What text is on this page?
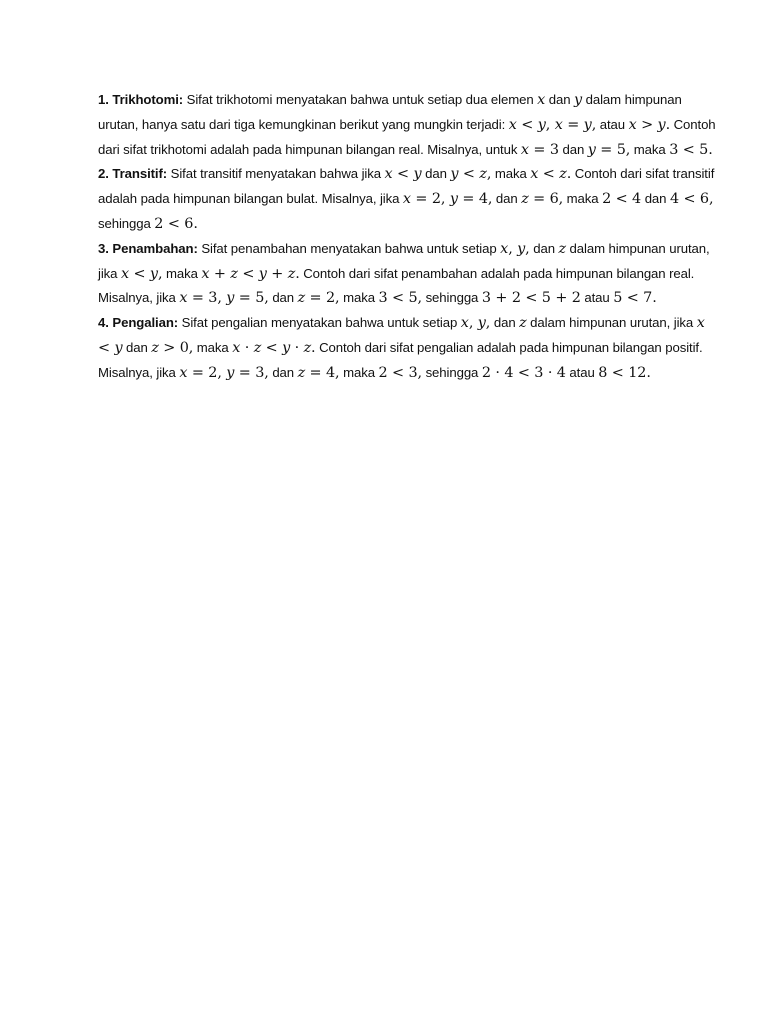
1. Trikhotomi: Sifat trikhotomi menyatakan bahwa untuk setiap dua elemen x dan y dalam himpunan urutan, hanya satu dari tiga kemungkinan berikut yang mungkin terjadi: x < y, x = y, atau x > y. Contoh dari sifat trikhotomi adalah pada himpunan bilangan real. Misalnya, untuk x = 3 dan y = 5, maka 3 < 5.

2. Transitif: Sifat transitif menyatakan bahwa jika x < y dan y < z, maka x < z. Contoh dari sifat transitif adalah pada himpunan bilangan bulat. Misalnya, jika x = 2, y = 4, dan z = 6, maka 2 < 4 dan 4 < 6, sehingga 2 < 6.

3. Penambahan: Sifat penambahan menyatakan bahwa untuk setiap x, y, dan z dalam himpunan urutan, jika x < y, maka x + z < y + z. Contoh dari sifat penambahan adalah pada himpunan bilangan real. Misalnya, jika x = 3, y = 5, dan z = 2, maka 3 < 5, sehingga 3 + 2 < 5 + 2 atau 5 < 7.

4. Pengalian: Sifat pengalian menyatakan bahwa untuk setiap x, y, dan z dalam himpunan urutan, jika x < y dan z > 0, maka x · z < y · z. Contoh dari sifat pengalian adalah pada himpunan bilangan positif. Misalnya, jika x = 2, y = 3, dan z = 4, maka 2 < 3, sehingga 2 · 4 < 3 · 4 atau 8 < 12.
